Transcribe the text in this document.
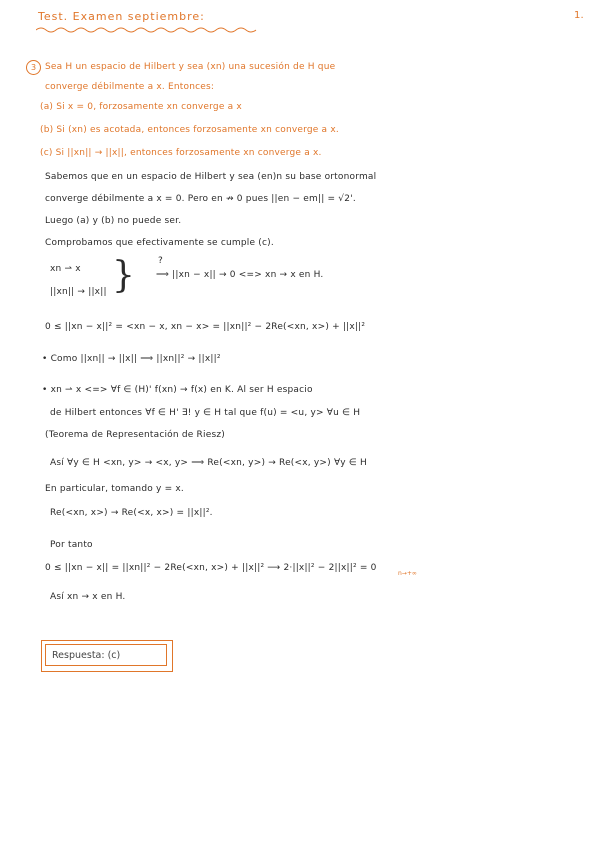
Test. Examen septiembre:	1.
3 Sea H un espacio de Hilbert y sea (xn) una sucesión de H que
converge débilmente a x. Entonces:
(a) Si x = 0, forzosamente xn converge a x
(b) Si (xn) es acotada, entonces forzosamente xn converge a x.
(c) Si ||xn|| → ||x||, entonces forzosamente xn converge a x.
Sabemos que en un espacio de Hilbert y sea (en)n su base ortonormal
converge débilmente a x = 0. Pero en ↛ 0 pues ||en − em|| = √2'.
Luego (a) y (b) no puede ser.
Comprobamos que efectivamente se cumple (c).
xn ⇀ x
||xn|| → ||x|| }	?
⟹ ||xn − x|| → 0 <=> xn → x en H.
0 ≤ ||xn − x||² = <xn − x, xn − x> = ||xn||² − 2Re(<xn, x>) + ||x||²
• Como ||xn|| → ||x|| ⟹ ||xn||² → ||x||²
• xn ⇀ x <=> ∀f ∈ (H)' f(xn) → f(x) en K. Al ser H espacio
de Hilbert entonces ∀f ∈ H' ∃! y ∈ H tal que f(u) = <u, y> ∀u ∈ H
(Teorema de Representación de Riesz)
Así ∀y ∈ H <xn, y> → <x, y> ⟹ Re(<xn, y>) → Re(<x, y>) ∀y ∈ H
En particular, tomando y = x.
Re(<xn, x>) → Re(<x, x>) = ||x||².
Por tanto
0 ≤ ||xn − x|| = ||xn||² − 2Re(<xn, x>) + ||x||² ⟶ 2·||x||² − 2||x||² = 0
n→+∞
Así xn → x en H.
Respuesta: (c)
